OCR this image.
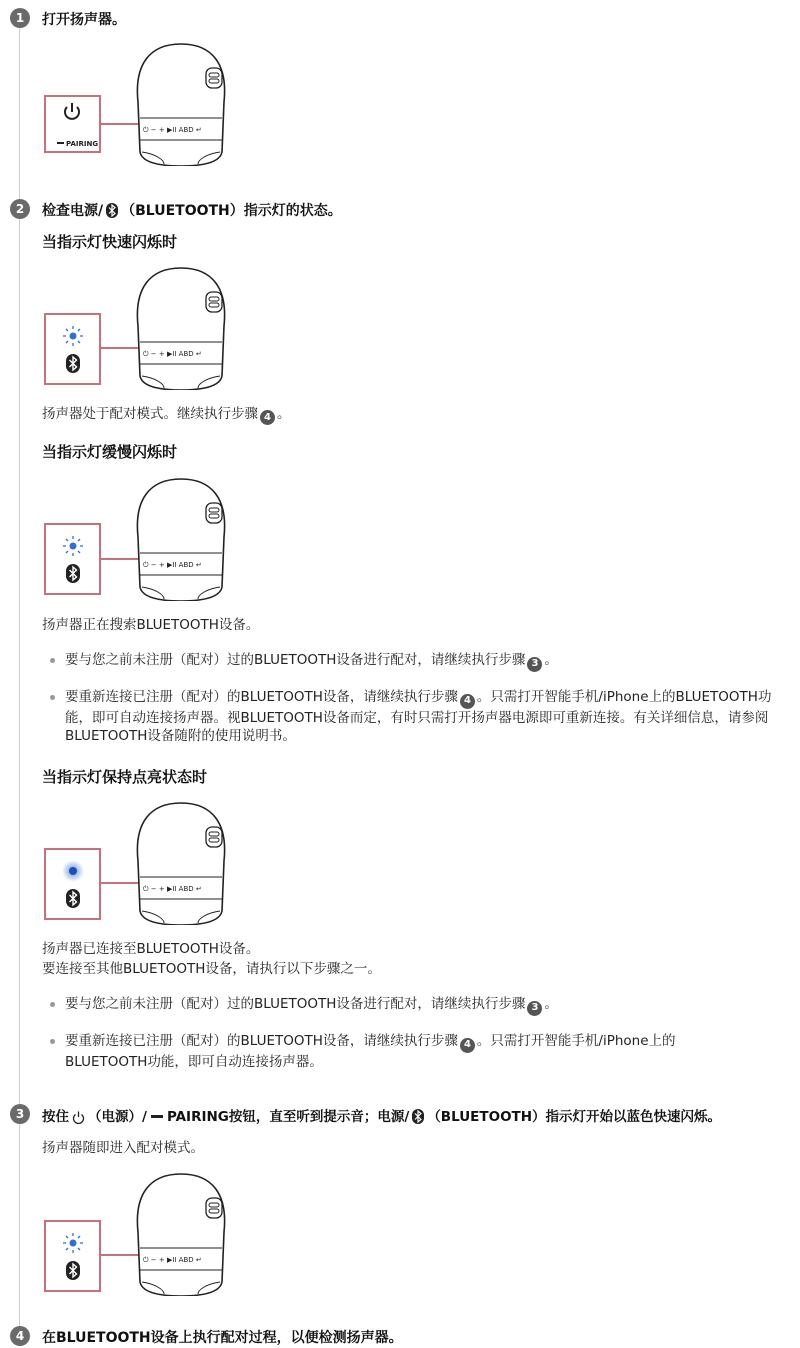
1	打开扬声器。
PAIRING
⏻ − + ▶II ABD ↵
2	检查电源/ （BLUETOOTH）指示灯的状态。
当指示灯快速闪烁时
⏻ − + ▶II ABD ↵
扬声器处于配对模式。继续执行步骤 4 。
当指示灯缓慢闪烁时
⏻ − + ▶II ABD ↵
扬声器正在搜索BLUETOOTH设备。
要与您之前未注册（配对）过的BLUETOOTH设备进行配对，请继续执行步骤 3 。
要重新连接已注册（配对）的BLUETOOTH设备，请继续执行步骤 4 。只需打开智能手机/iPhone上的BLUETOOTH功能，即可自动连接扬声器。视BLUETOOTH设备而定，有时只需打开扬声器电源即可重新连接。有关详细信息，请参阅BLUETOOTH设备随附的使用说明书。
当指示灯保持点亮状态时
⏻ − + ▶II ABD ↵
扬声器已连接至BLUETOOTH设备。
要连接至其他BLUETOOTH设备，请执行以下步骤之一。
要与您之前未注册（配对）过的BLUETOOTH设备进行配对，请继续执行步骤 3 。
要重新连接已注册（配对）的BLUETOOTH设备，请继续执行步骤 4 。只需打开智能手机/iPhone上的BLUETOOTH功能，即可自动连接扬声器。
3	按住 （电源）/ PAIRING按钮，直至听到提示音；电源/ （BLUETOOTH）指示灯开始以蓝色快速闪烁。
扬声器随即进入配对模式。
⏻ − + ▶II ABD ↵
4	在BLUETOOTH设备上执行配对过程，以便检测扬声器。
